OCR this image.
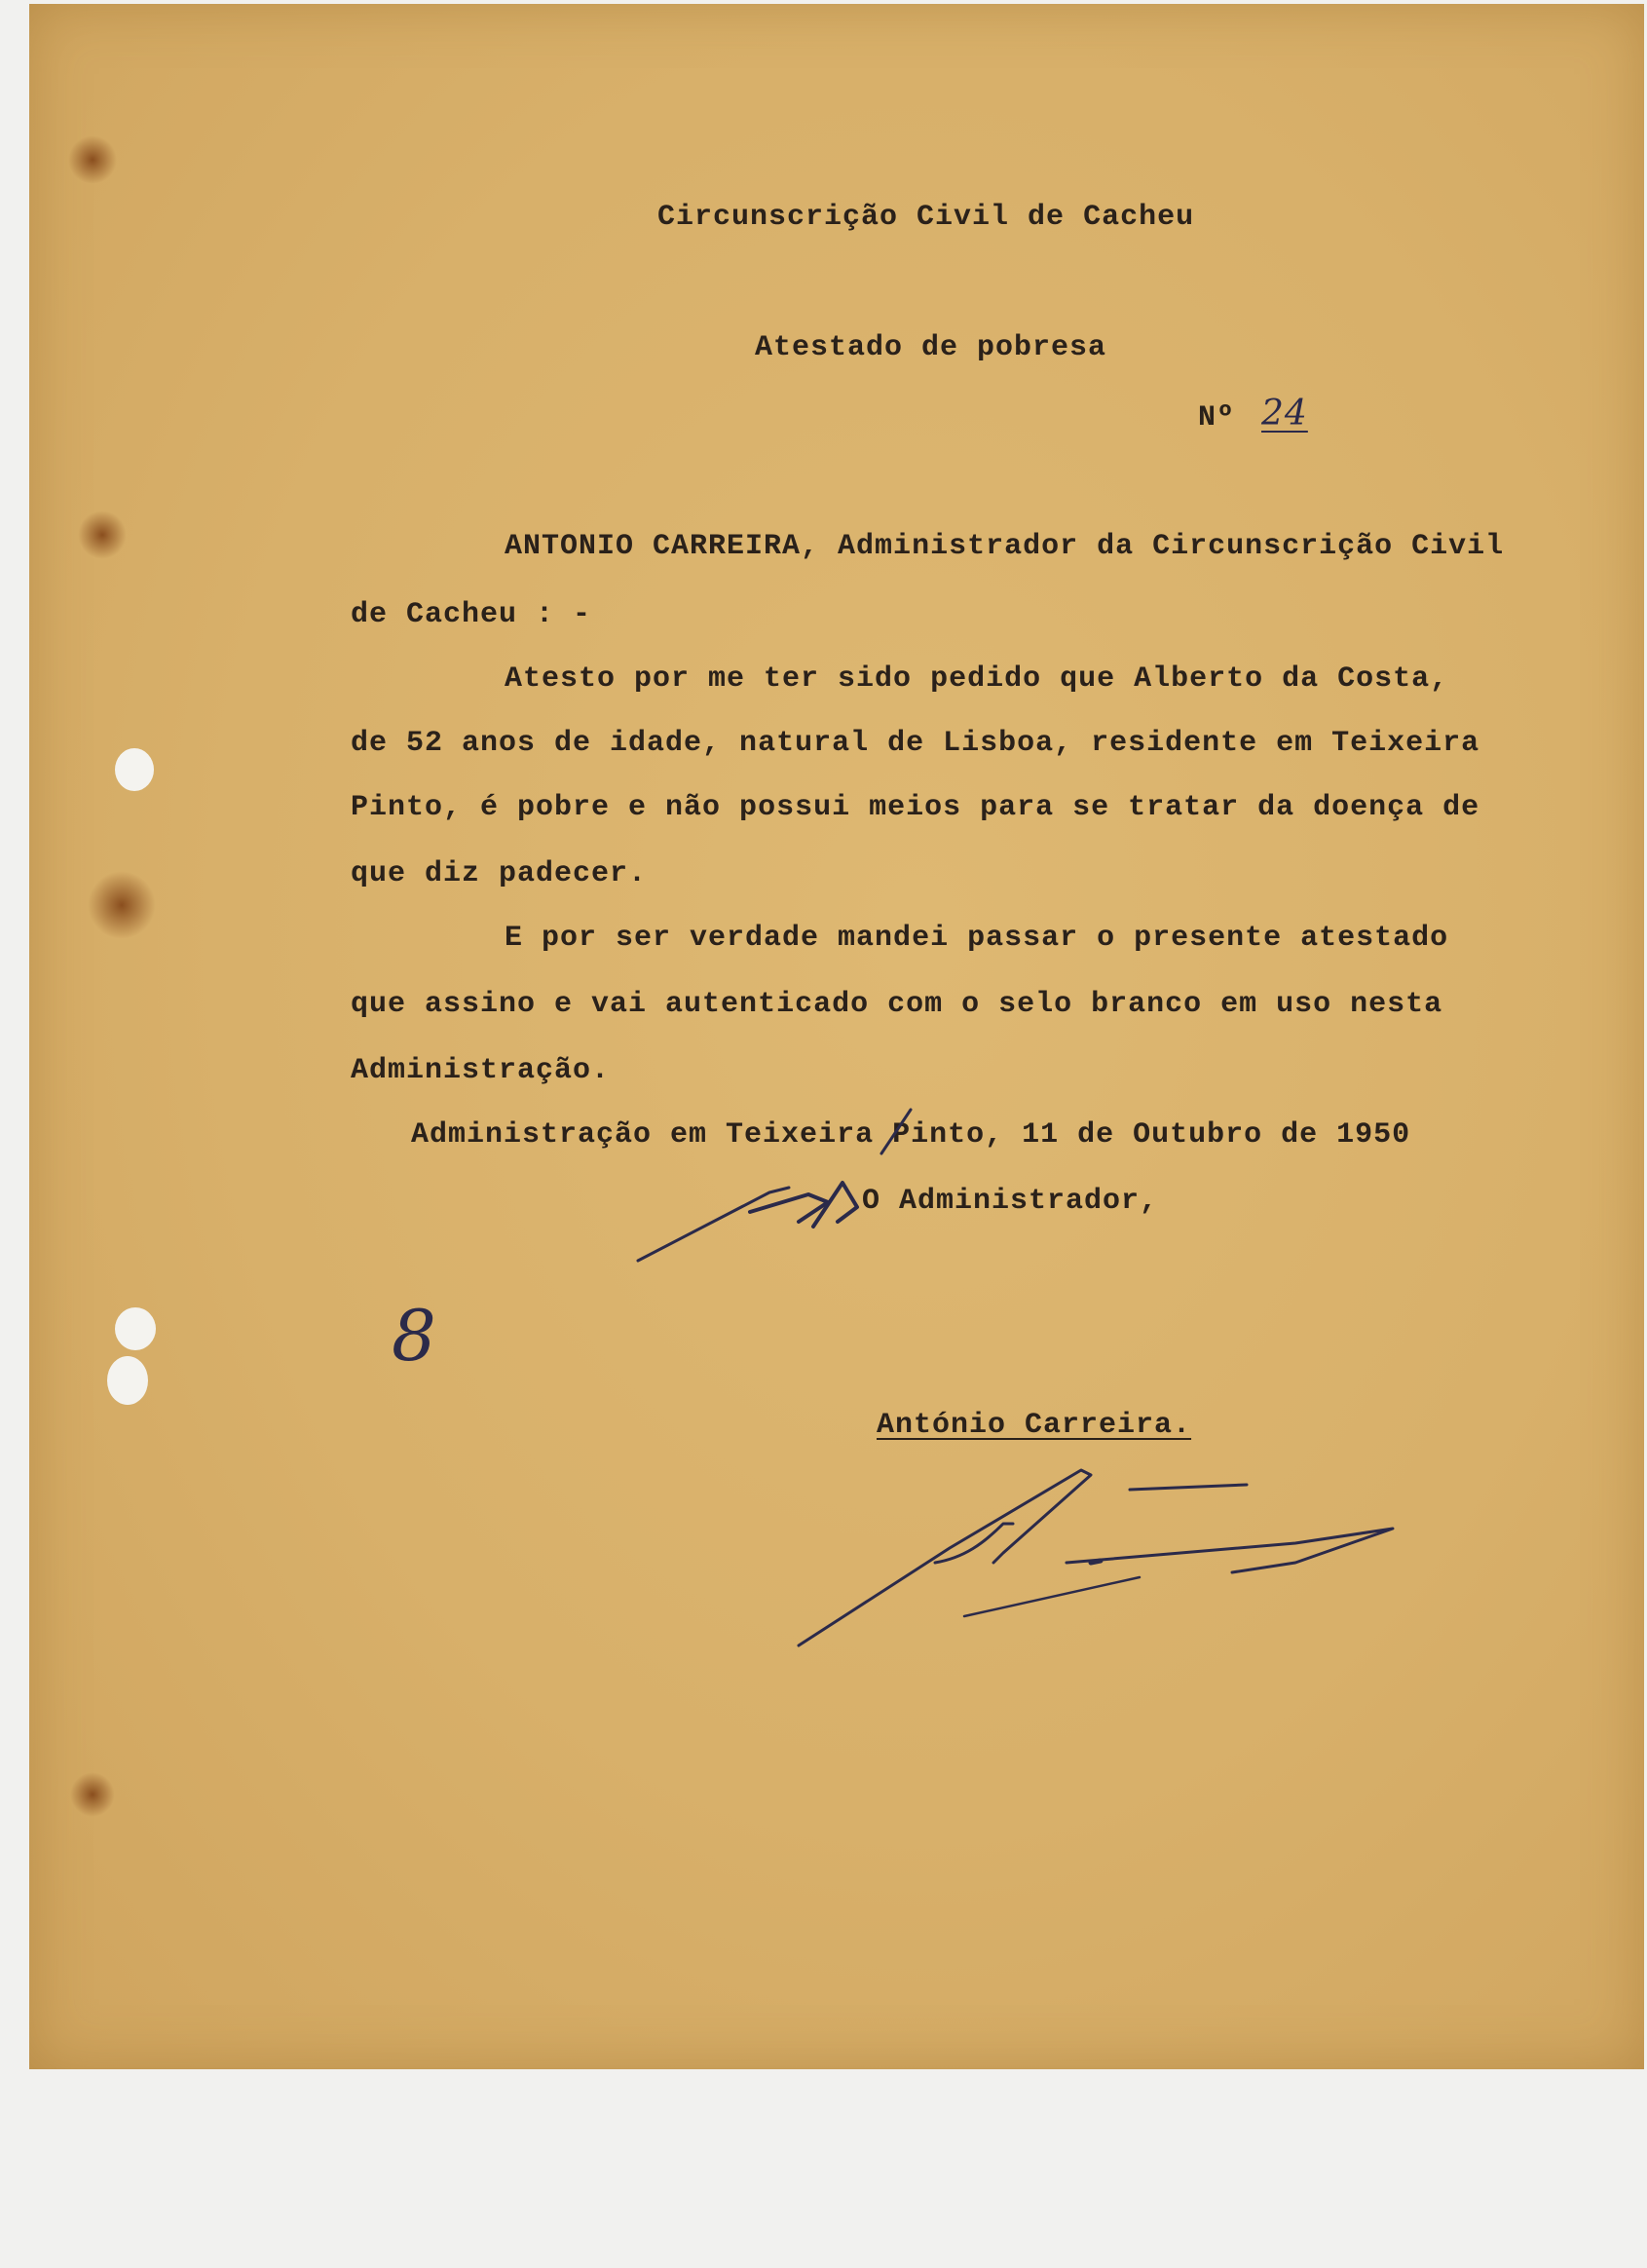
Circunscrição Civil de Cacheu
Atestado de pobresa
Nº 24
ANTONIO CARREIRA, Administrador da Circunscrição Civil
de Cacheu : -
Atesto por me ter sido pedido que Alberto da Costa,
de 52 anos de idade, natural de Lisboa, residente em Teixeira
Pinto, é pobre e não possui meios para se tratar da doença de
que diz padecer.
E por ser verdade mandei passar o presente atestado
que assino e vai autenticado com o selo branco em uso nesta
Administração.
Administração em Teixeira Pinto, 11 de Outubro de 1950
O Administrador,
8
António Carreira.
